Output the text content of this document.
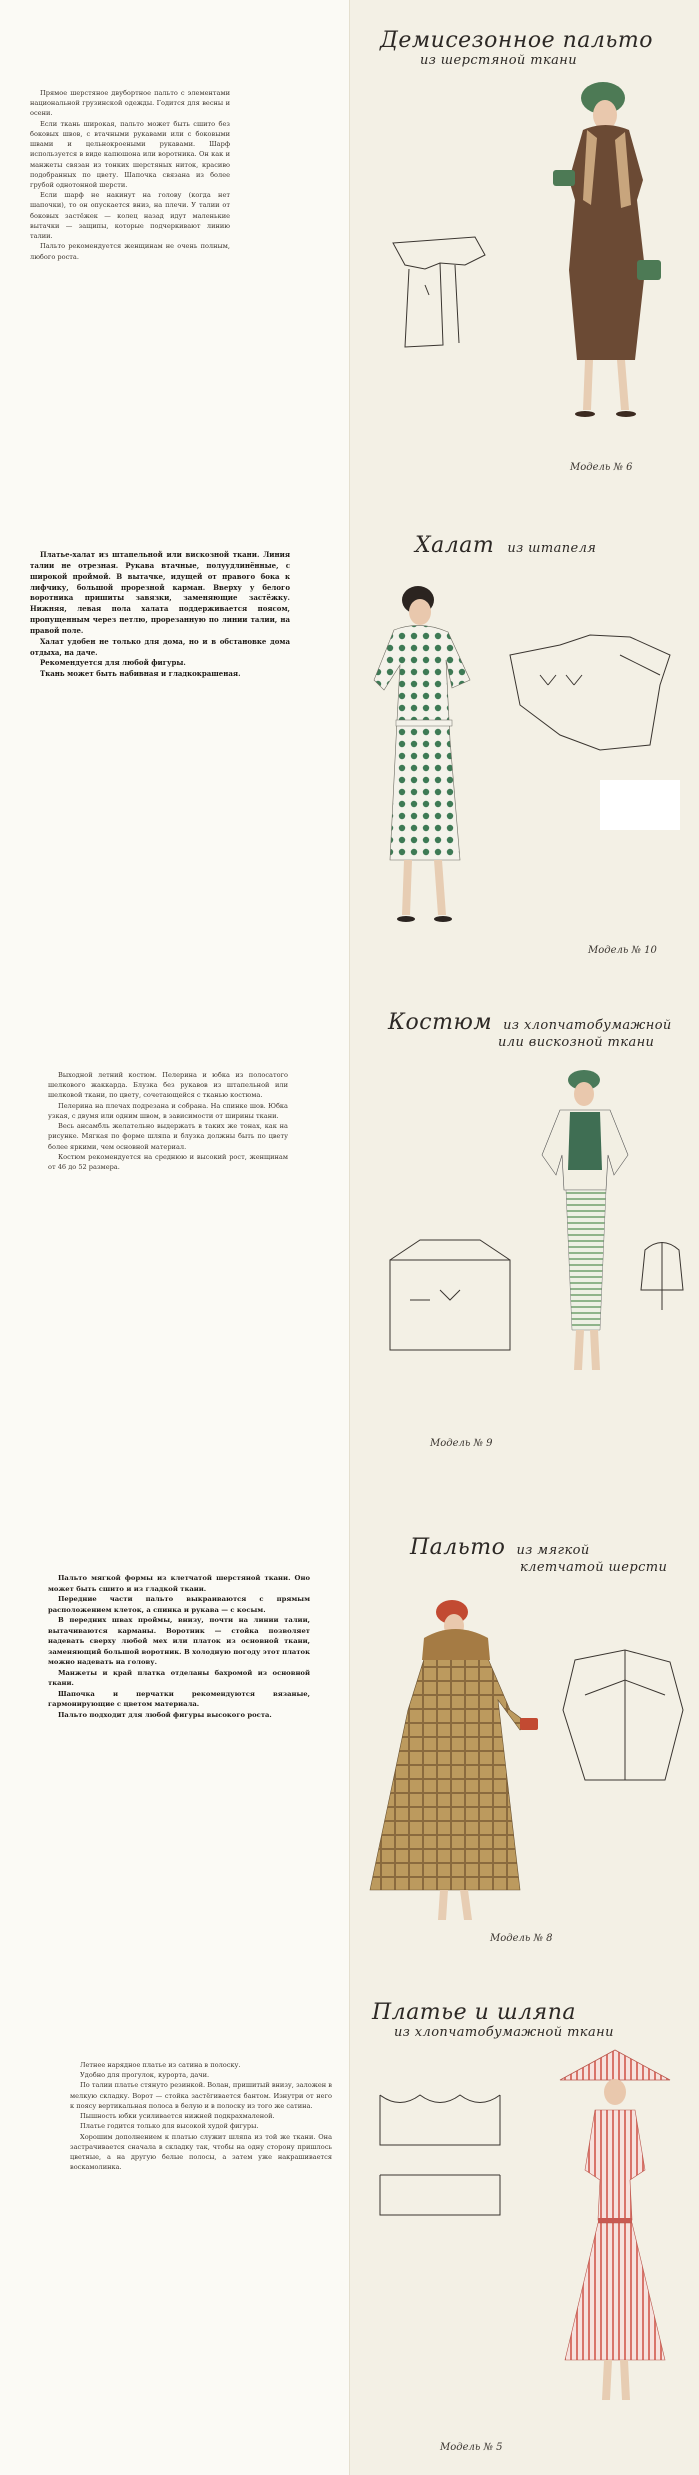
Прямое шерстяное двубортное пальто с элементами национальной грузинской одежды. Годится для весны и осени.

Если ткань широкая, пальто может быть сшито без боковых швов, с втачными рукавами или с боковыми швами и цельнокроеными рукавами. Шарф используется в виде капюшона или воротника. Он как и манжеты связан из тонких шерстяных ниток, красиво подобранных по цвету. Шапочка связана из более грубой однотонной шерсти.

Если шарф не накинут на голову (когда нет шапочки), то он опускается вниз, на плечи. У талии от боковых застёжек — колец назад идут маленькие вытачки — защипы, которые подчеркивают линию талии.

Пальто рекомендуется женщинам не очень полным, любого роста.

Демисезонное пальто
из шерстяной ткани
Модель № 6

Платье-халат из штапельной или вискозной ткани. Линия талии не отрезная. Рукава втачные, полуудлинённые, с широкой проймой. В вытачке, идущей от правого бока к лифчику, большой прорезной карман. Вверху у белого воротника пришиты завязки, заменяющие застёжку. Нижняя, левая пола халата поддерживается поясом, пропущенным через петлю, прорезанную по линии талии, на правой поле.

Халат удобен не только для дома, но и в обстановке дома отдыха, на даче.

Рекомендуется для любой фигуры.

Ткань может быть набивная и гладкокрашеная.

Халат из штапеля
Модель № 10

Выходной летний костюм. Пелерина и юбка из полосатого шелкового жаккарда. Блузка без рукавов из штапельной или шелковой ткани, по цвету, сочетающейся с тканью костюма.

Пелерина на плечах подрезана и собрана. На спинке шов. Юбка узкая, с двумя или одним швом, в зависимости от ширины ткани.

Весь ансамбль желательно выдержать в таких же тонах, как на рисунке. Мягкая по форме шляпа и блузка должны быть по цвету более яркими, чем основной материал.

Костюм рекомендуется на среднюю и высокий рост, женщинам от 46 до 52 размера.

Костюм из хлопчатобумажной
или вискозной ткани
Модель № 9

Пальто мягкой формы из клетчатой шерстяной ткани. Оно может быть сшито и из гладкой ткани.

Передние части пальто выкраиваются с прямым расположением клеток, а спинка и рукава — с косым.

В передних швах проймы, внизу, почти на линии талии, вытачиваются карманы. Воротник — стойка позволяет надевать сверху любой мех или платок из основной ткани, заменяющий большой воротник. В холодную погоду этот платок можно надевать на голову.

Манжеты и край платка отделаны бахромой из основной ткани.

Шапочка и перчатки рекомендуются вязаные, гармонирующие с цветом материала.

Пальто подходит для любой фигуры высокого роста.

Пальто из мягкой
клетчатой шерсти
Модель № 8

Летнее нарядное платье из сатина в полоску.

Удобно для прогулок, курорта, дачи.

По талии платье стянуто резинкой. Волан, пришитый внизу, заложен в мелкую складку. Ворот — стойка застёгивается бантом. Изнутри от него к поясу вертикальная полоса в белую и в полоску из того же сатина.

Пышность юбки усиливается нижней подкрахмаленой.

Платье годится только для высокой худой фигуры.

Хорошим дополнением к платью служит шляпа из той же ткани. Она застрачивается сначала в складку так, чтобы на одну сторону пришлось цветные, а на другую белые полосы, а затем уже накрашивается воскамолинка.

Платье и шляпа
из хлопчатобумажной ткани
Модель № 5
